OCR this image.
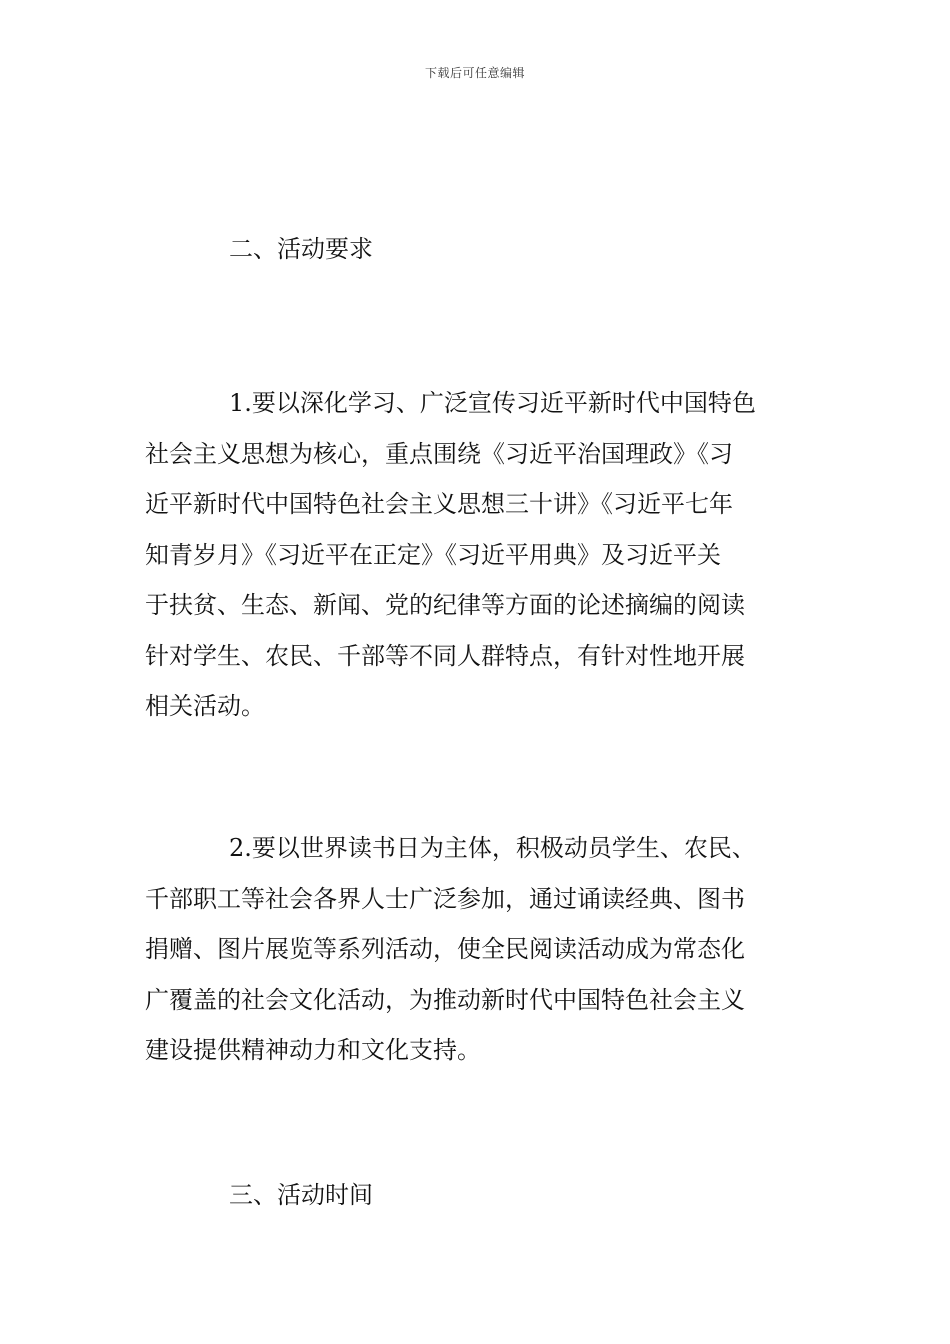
下载后可任意编辑
二、活动要求

1.要以深化学习、广泛宣传习近平新时代中国特色
社会主义思想为核心，重点围绕《习近平治国理政》《习
近平新时代中国特色社会主义思想三十讲》《习近平七年
知青岁月》《习近平在正定》《习近平用典》及习近平关
于扶贫、生态、新闻、党的纪律等方面的论述摘编的阅读
针对学生、农民、千部等不同人群特点，有针对性地开展
相关活动。

2.要以世界读书日为主体，积极动员学生、农民、
千部职工等社会各界人士广泛参加，通过诵读经典、图书
捐赠、图片展览等系列活动，使全民阅读活动成为常态化
广覆盖的社会文化活动，为推动新时代中国特色社会主义
建设提供精神动力和文化支持。

三、活动时间
